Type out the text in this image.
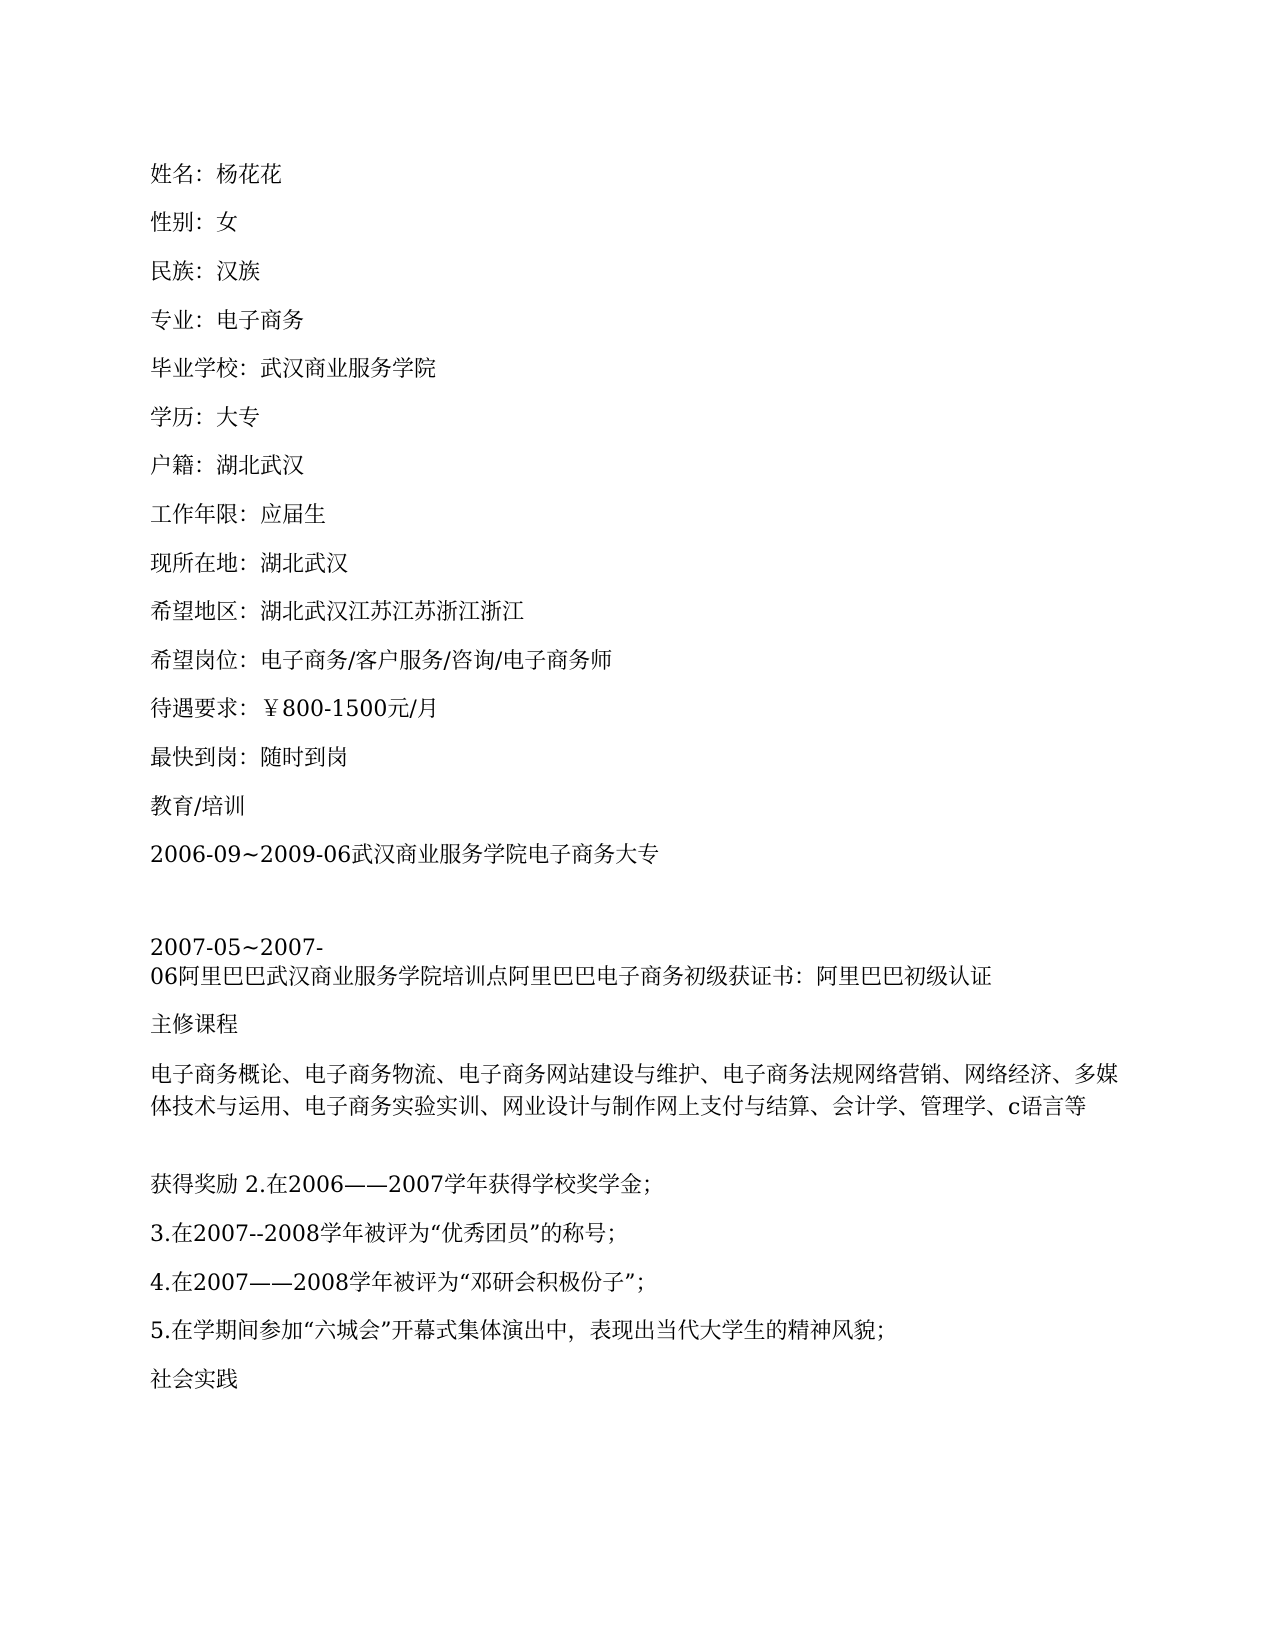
姓名：杨花花
性别：女
民族：汉族
专业：电子商务
毕业学校：武汉商业服务学院
学历：大专
户籍：湖北武汉
工作年限：应届生
现所在地：湖北武汉
希望地区：湖北武汉江苏江苏浙江浙江
希望岗位：电子商务/客户服务/咨询/电子商务师
待遇要求：￥800-1500元/月
最快到岗：随时到岗
教育/培训
2006-09~2009-06武汉商业服务学院电子商务大专
2007-05~2007-
06阿里巴巴武汉商业服务学院培训点阿里巴巴电子商务初级获证书：阿里巴巴初级认证
主修课程
电子商务概论、电子商务物流、电子商务网站建设与维护、电子商务法规网络营销、网络经济、多媒体技术与运用、电子商务实验实训、网业设计与制作网上支付与结算、会计学、管理学、c语言等
获得奖励 2.在2006——2007学年获得学校奖学金；
3.在2007--2008学年被评为“优秀团员”的称号；
4.在2007——2008学年被评为“邓研会积极份子”；
5.在学期间参加“六城会”开幕式集体演出中，表现出当代大学生的精神风貌；
社会实践
